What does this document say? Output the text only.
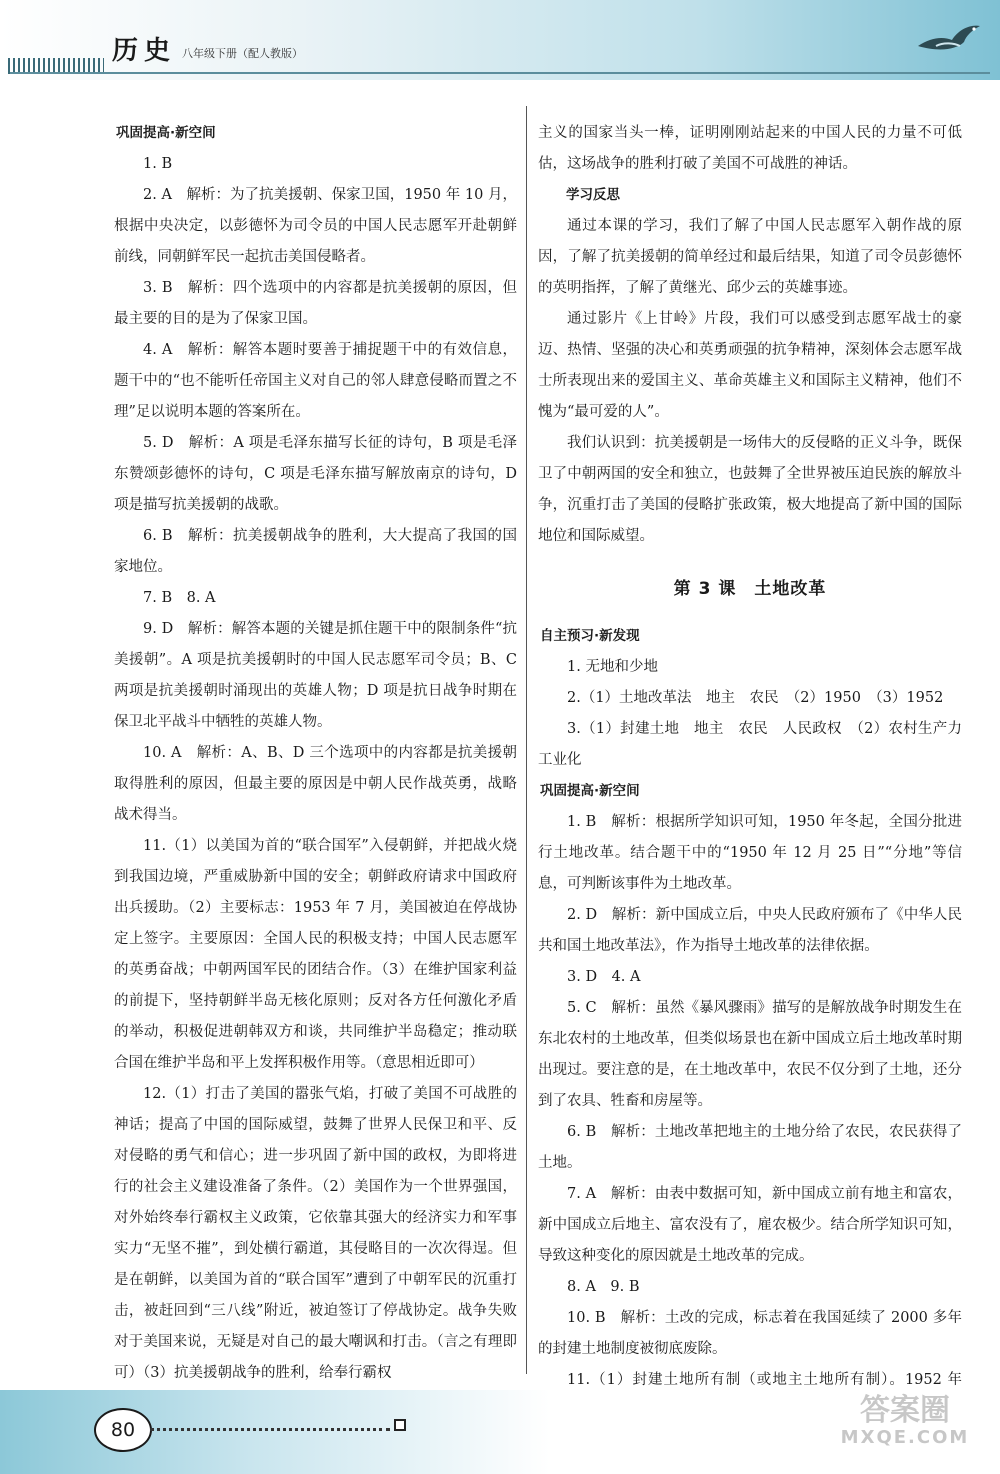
历史 八年级下册（配人教版）

巩固提高·新空间

1. B

2. A　解析：为了抗美援朝、保家卫国，1950 年 10 月，根据中央决定，以彭德怀为司令员的中国人民志愿军开赴朝鲜前线，同朝鲜军民一起抗击美国侵略者。

3. B　解析：四个选项中的内容都是抗美援朝的原因，但最主要的目的是为了保家卫国。

4. A　解析：解答本题时要善于捕捉题干中的有效信息，题干中的“也不能听任帝国主义对自己的邻人肆意侵略而置之不理”足以说明本题的答案所在。

5. D　解析：A 项是毛泽东描写长征的诗句，B 项是毛泽东赞颂彭德怀的诗句，C 项是毛泽东描写解放南京的诗句，D 项是描写抗美援朝的战歌。

6. B　解析：抗美援朝战争的胜利，大大提高了我国的国家地位。

7. B　8. A

9. D　解析：解答本题的关键是抓住题干中的限制条件“抗美援朝”。A 项是抗美援朝时的中国人民志愿军司令员；B、C 两项是抗美援朝时涌现出的英雄人物；D 项是抗日战争时期在保卫北平战斗中牺牲的英雄人物。

10. A　解析：A、B、D 三个选项中的内容都是抗美援朝取得胜利的原因，但最主要的原因是中朝人民作战英勇，战略战术得当。

11.（1）以美国为首的“联合国军”入侵朝鲜，并把战火烧到我国边境，严重威胁新中国的安全；朝鲜政府请求中国政府出兵援助。（2）主要标志：1953 年 7 月，美国被迫在停战协定上签字。主要原因：全国人民的积极支持；中国人民志愿军的英勇奋战；中朝两国军民的团结合作。（3）在维护国家利益的前提下，坚持朝鲜半岛无核化原则；反对各方任何激化矛盾的举动，积极促进朝韩双方和谈，共同维护半岛稳定；推动联合国在维护半岛和平上发挥积极作用等。（意思相近即可）

12.（1）打击了美国的嚣张气焰，打破了美国不可战胜的神话；提高了中国的国际威望，鼓舞了世界人民保卫和平、反对侵略的勇气和信心；进一步巩固了新中国的政权，为即将进行的社会主义建设准备了条件。（2）美国作为一个世界强国，对外始终奉行霸权主义政策，它依靠其强大的经济实力和军事实力“无坚不摧”，到处横行霸道，其侵略目的一次次得逞。但是在朝鲜，以美国为首的“联合国军”遭到了中朝军民的沉重打击，被赶回到“三八线”附近，被迫签订了停战协定。战争失败对于美国来说，无疑是对自己的最大嘲讽和打击。（言之有理即可）（3）抗美援朝战争的胜利，给奉行霸权

主义的国家当头一棒，证明刚刚站起来的中国人民的力量不可低估，这场战争的胜利打破了美国不可战胜的神话。

学习反思

通过本课的学习，我们了解了中国人民志愿军入朝作战的原因，了解了抗美援朝的简单经过和最后结果，知道了司令员彭德怀的英明指挥，了解了黄继光、邱少云的英雄事迹。

通过影片《上甘岭》片段，我们可以感受到志愿军战士的豪迈、热情、坚强的决心和英勇顽强的抗争精神，深刻体会志愿军战士所表现出来的爱国主义、革命英雄主义和国际主义精神，他们不愧为“最可爱的人”。

我们认识到：抗美援朝是一场伟大的反侵略的正义斗争，既保卫了中朝两国的安全和独立，也鼓舞了全世界被压迫民族的解放斗争，沉重打击了美国的侵略扩张政策，极大地提高了新中国的国际地位和国际威望。

第 3 课　土地改革

自主预习·新发现

1. 无地和少地

2.（1）土地改革法　地主　农民　（2）1950　（3）1952

3.（1）封建土地　地主　农民　人民政权　（2）农村生产力　工业化

巩固提高·新空间

1. B　解析：根据所学知识可知，1950 年冬起，全国分批进行土地改革。结合题干中的“1950 年 12 月 25 日”“分地”等信息，可判断该事件为土地改革。

2. D　解析：新中国成立后，中央人民政府颁布了《中华人民共和国土地改革法》，作为指导土地改革的法律依据。

3. D　4. A

5. C　解析：虽然《暴风骤雨》描写的是解放战争时期发生在东北农村的土地改革，但类似场景也在新中国成立后土地改革时期出现过。要注意的是，在土地改革中，农民不仅分到了土地，还分到了农具、牲畜和房屋等。

6. B　解析：土地改革把地主的土地分给了农民，农民获得了土地。

7. A　解析：由表中数据可知，新中国成立前有地主和富农，新中国成立后地主、富农没有了，雇农极少。结合所学知识可知，导致这种变化的原因就是土地改革的完成。

8. A　9. B

10. B　解析：土改的完成，标志着在我国延续了 2000 多年的封建土地制度被彻底废除。

11.（1）封建土地所有制（或地主土地所有制）。1952 年

80
答案圈
MXQE.COM
